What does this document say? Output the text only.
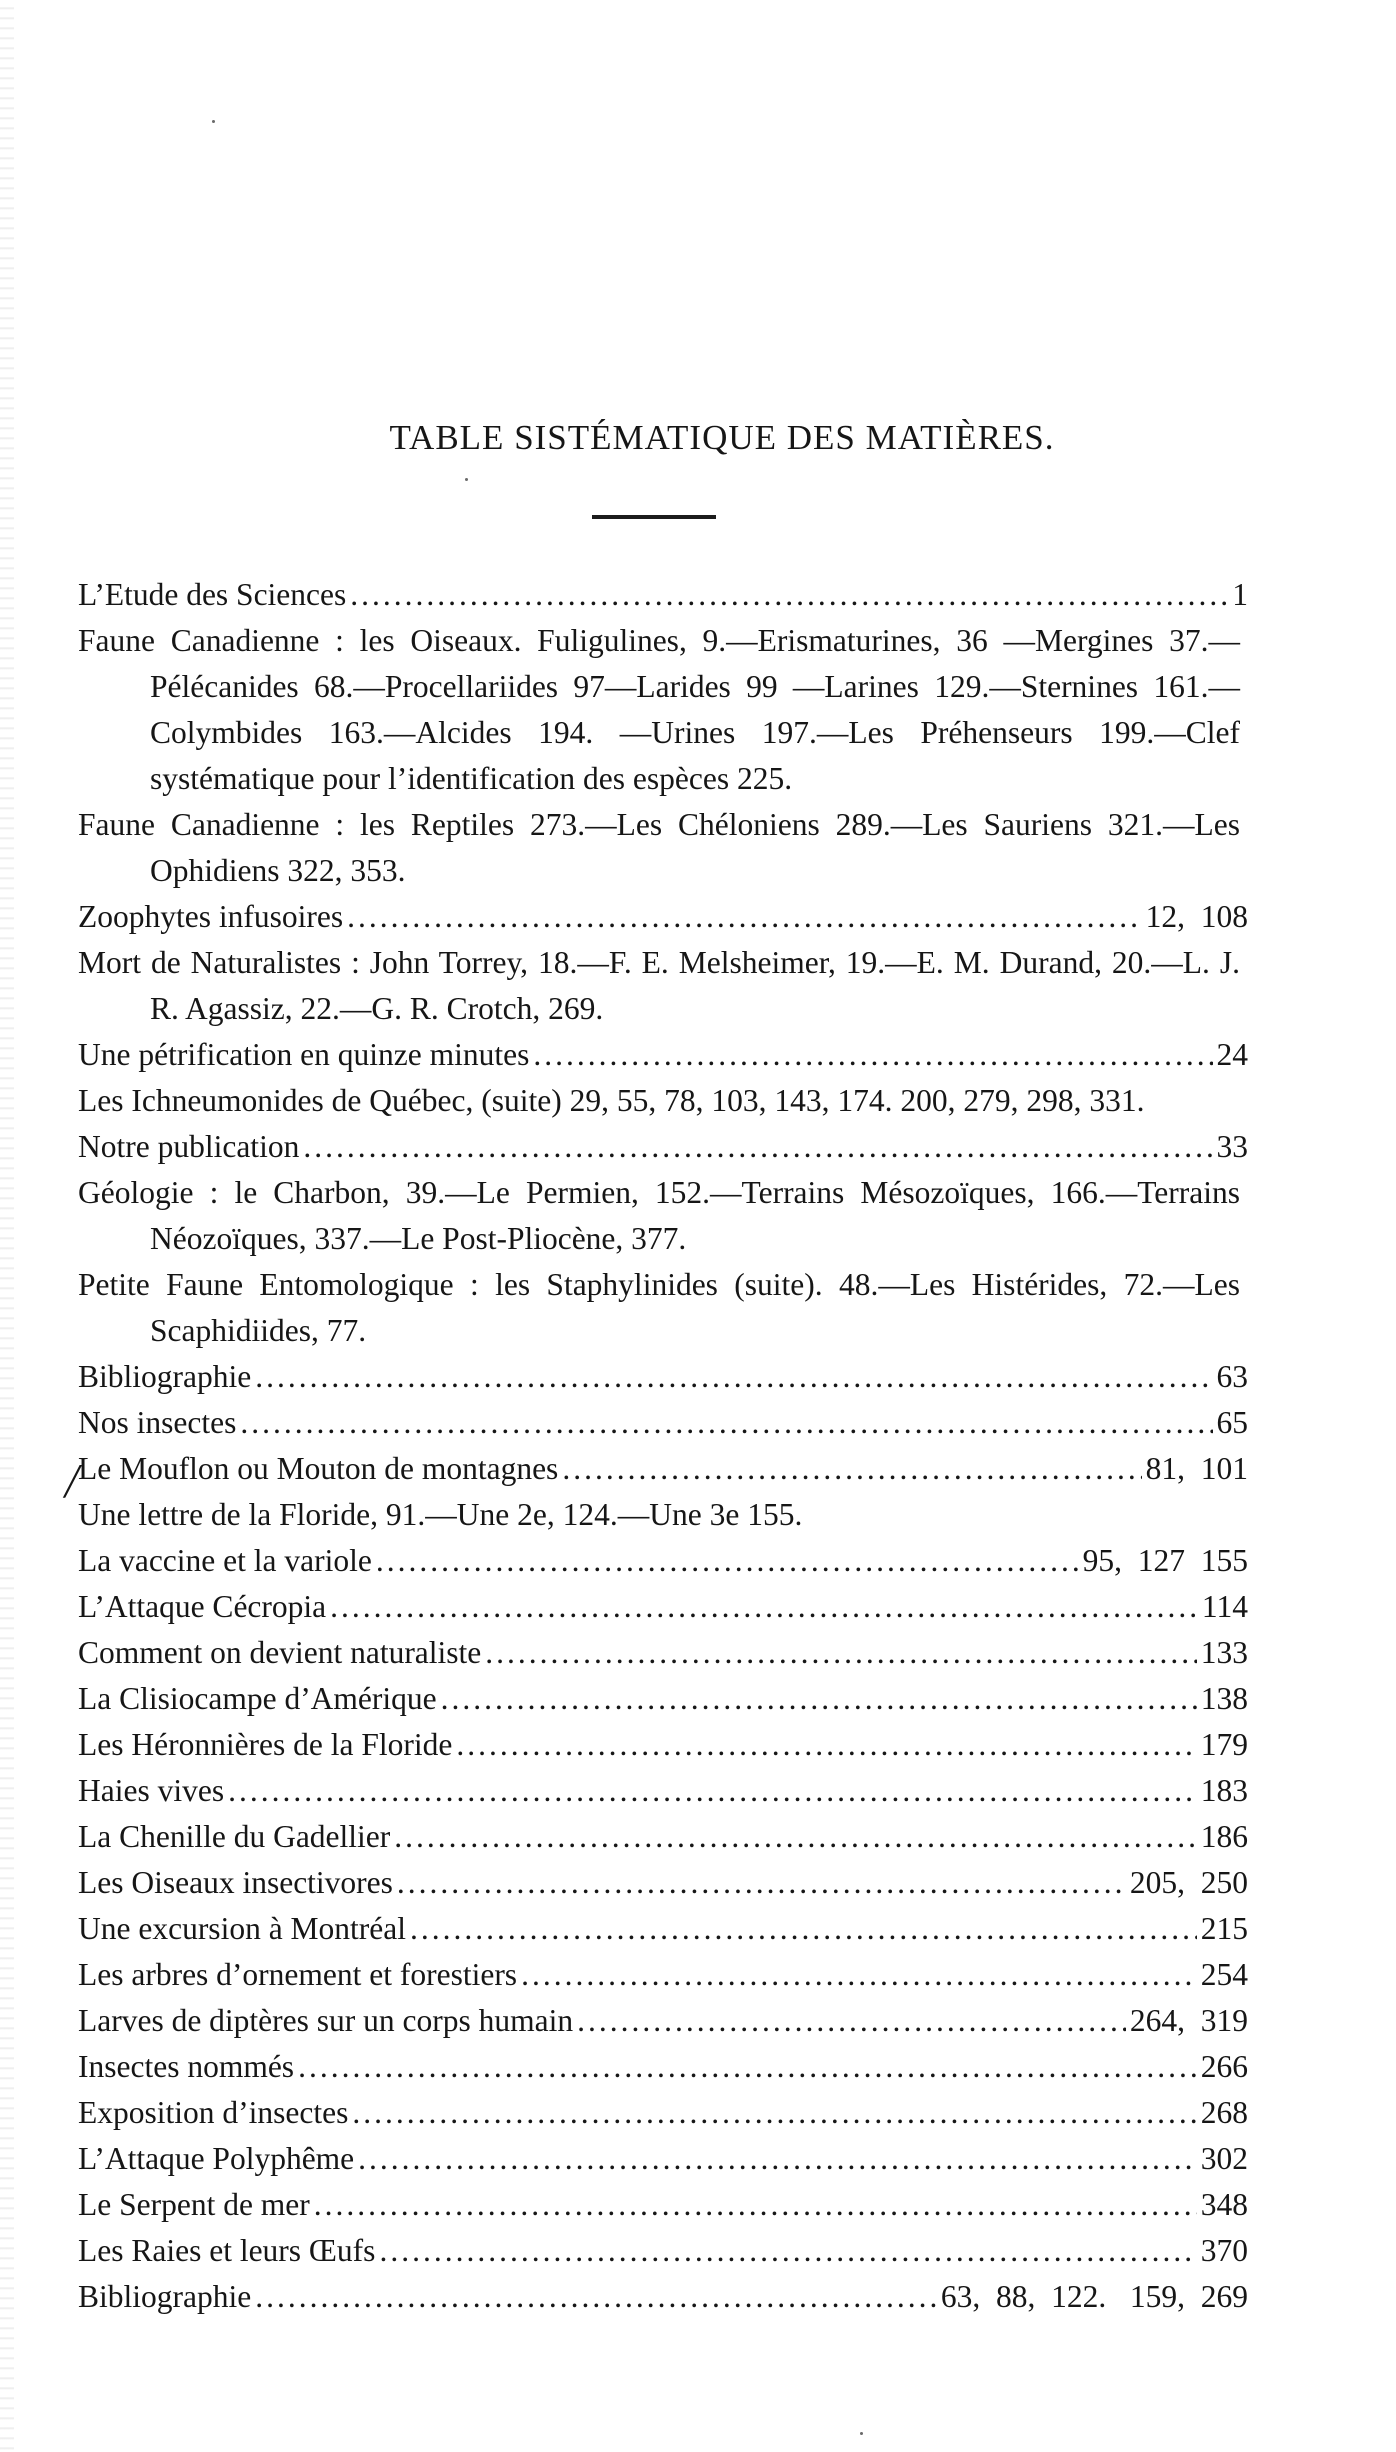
TABLE SISTÉMATIQUE DES MATIÈRES.
L’Etude des Sciences .....	1
Faune Canadienne : les Oiseaux. Fuligulines, 9.—Erismaturines, 36 —Mergines 37.—Pélécanides 68.—Procellariides 97—Larides 99 —Larines 129.—Sternines 161.—Colymbides 163.—Alcides 194. —Urines 197.—Les Préhenseurs 199.—Clef systématique pour l’identification des espèces 225.
Faune Canadienne : les Reptiles 273.—Les Chéloniens 289.—Les Sauriens 321.—Les Ophidiens 322, 353.
Zoophytes infusoires .....	12,  108
Mort de Naturalistes : John Torrey, 18.—F. E. Melsheimer, 19.—E. M. Durand, 20.—L. J. R. Agassiz, 22.—G. R. Crotch, 269.
Une pétrification en quinze minutes .....	24
Les Ichneumonides de Québec, (suite) 29, 55, 78, 103, 143, 174. 200, 279, 298, 331.
Notre publication .....	33
Géologie : le Charbon, 39.—Le Permien, 152.—Terrains Mésozoïques, 166.—Terrains Néozoïques, 337.—Le Post-Pliocène, 377.
Petite Faune Entomologique : les Staphylinides (suite). 48.—Les Histérides, 72.—Les Scaphidiides, 77.
Bibliographie .....	63
Nos insectes .....	65
╱
Le Mouflon ou Mouton de montagnes .....	81,  101
Une lettre de la Floride, 91.—Une 2e, 124.—Une 3e 155.
La vaccine et la variole .....	95,  127  155
L’Attaque Cécropia .....	114
Comment on devient naturaliste .....	133
La Clisiocampe d’Amérique .....	138
Les Héronnières de la Floride .....	179
Haies vives .....	183
La Chenille du Gadellier .....	186
Les Oiseaux insectivores .....	205,  250
Une excursion à Montréal .....	215
Les arbres d’ornement et forestiers .....	254
Larves de diptères sur un corps humain .....	264,  319
Insectes nommés .....	266
Exposition d’insectes .....	268
L’Attaque Polyphême .....	302
Le Serpent de mer .....	348
Les Raies et leurs Œufs .....	370
Bibliographie .....	63,  88,  122.   159,  269
